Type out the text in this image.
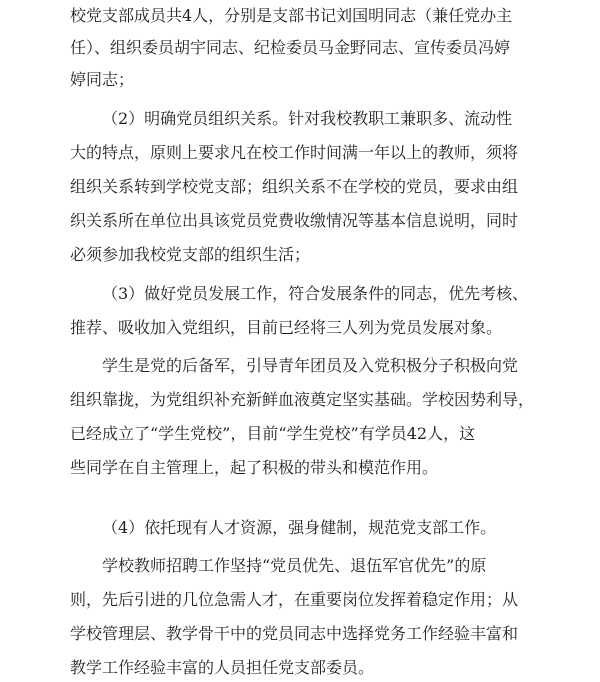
校党支部成员共4人，分别是支部书记刘国明同志（兼任党办主
任）、组织委员胡宇同志、纪检委员马金野同志、宣传委员冯婷
婷同志；
（2）明确党员组织关系。针对我校教职工兼职多、流动性
大的特点，原则上要求凡在校工作时间满一年以上的教师，须将
组织关系转到学校党支部；组织关系不在学校的党员，要求由组
织关系所在单位出具该党员党费收缴情况等基本信息说明，同时
必须参加我校党支部的组织生活；
（3）做好党员发展工作，符合发展条件的同志，优先考核、
推荐、吸收加入党组织，目前已经将三人列为党员发展对象。
学生是党的后备军，引导青年团员及入党积极分子积极向党
组织靠拢，为党组织补充新鲜血液奠定坚实基础。学校因势利导，
已经成立了“学生党校”，目前“学生党校”有学员42人，这
些同学在自主管理上，起了积极的带头和模范作用。
（4）依托现有人才资源，强身健制，规范党支部工作。
学校教师招聘工作坚持“党员优先、退伍军官优先”的原
则，先后引进的几位急需人才，在重要岗位发挥着稳定作用；从
学校管理层、教学骨干中的党员同志中选择党务工作经验丰富和
教学工作经验丰富的人员担任党支部委员。
